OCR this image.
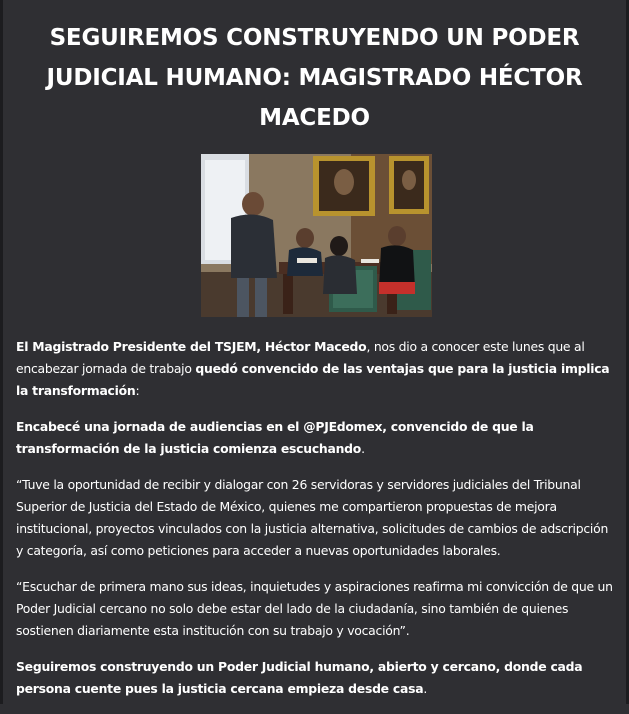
SEGUIREMOS CONSTRUYENDO UN PODER JUDICIAL HUMANO: MAGISTRADO HÉCTOR MACEDO

El Magistrado Presidente del TSJEM, Héctor Macedo, nos dio a conocer este lunes que al encabezar jornada de trabajo quedó convencido de las ventajas que para la justicia implica la transformación:

Encabecé una jornada de audiencias en el @PJEdomex, convencido de que la transformación de la justicia comienza escuchando.

“Tuve la oportunidad de recibir y dialogar con 26 servidoras y servidores judiciales del Tribunal Superior de Justicia del Estado de México, quienes me compartieron propuestas de mejora institucional, proyectos vinculados con la justicia alternativa, solicitudes de cambios de adscripción y categoría, así como peticiones para acceder a nuevas oportunidades laborales.

“Escuchar de primera mano sus ideas, inquietudes y aspiraciones reafirma mi convicción de que un Poder Judicial cercano no solo debe estar del lado de la ciudadanía, sino también de quienes sostienen diariamente esta institución con su trabajo y vocación”.

Seguiremos construyendo un Poder Judicial humano, abierto y cercano, donde cada persona cuente pues la justicia cercana empieza desde casa.
